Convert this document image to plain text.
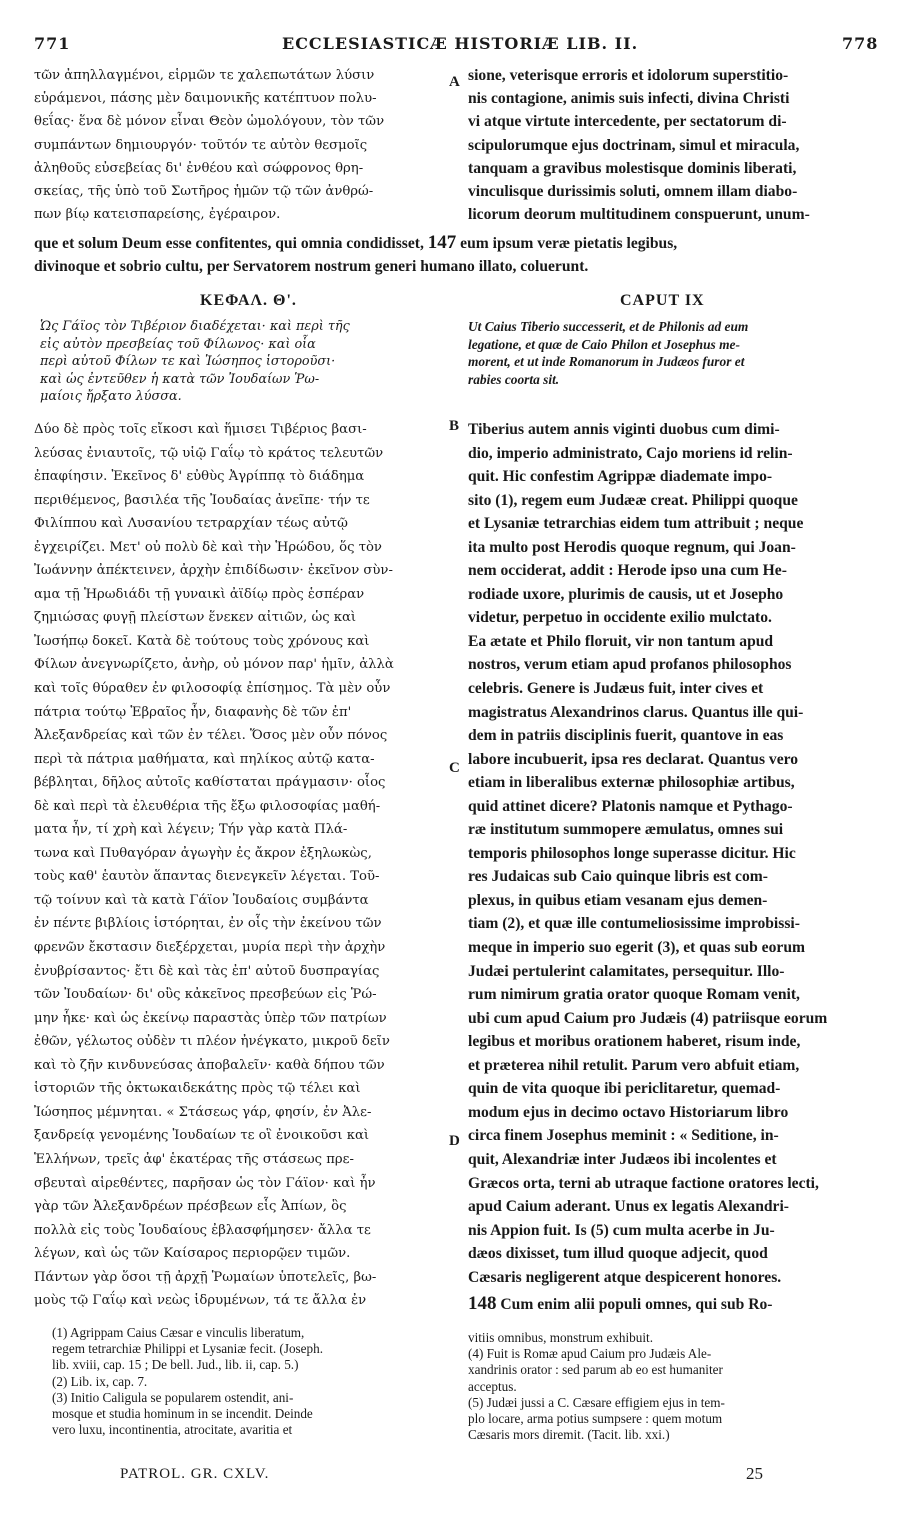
771	ECCLESIASTICÆ HISTORIÆ LIB. II.	778
τῶν ἀπηλλαγμένοι, εἱρμῶν τε χαλεπωτάτων λύσιν
εὑράμενοι, πάσης μὲν δαιμονικῆς κατέπτυον πολυ-
θεΐας· ἕνα δὲ μόνον εἶναι Θεὸν ὡμολόγουν, τὸν τῶν
συμπάντων δημιουργόν· τοῦτόν τε αὐτὸν θεσμοῖς
ἀληθοῦς εὐσεβείας δι' ἐνθέου καὶ σώφρονος θρη-
σκείας, τῆς ὑπὸ τοῦ Σωτῆρος ἡμῶν τῷ τῶν ἀνθρώ-
πων βίῳ κατεισπαρείσης, ἐγέραιρον.
sione, veterisque erroris et idolorum superstitio-
nis contagione, animis suis infecti, divina Christi
vi atque virtute intercedente, per sectatorum di-
scipulorumque ejus doctrinam, simul et miracula,
tanquam a gravibus molestisque dominis liberati,
vinculisque durissimis soluti, omnem illam diabo-
licorum deorum multitudinem conspuerunt, unum-
A
que et solum Deum esse confitentes, qui omnia condidisset, 147 eum ipsum veræ pietatis legibus,
divinoque et sobrio cultu, per Servatorem nostrum generi humano illato, coluerunt.
ΚΕΦΑΛ. Θ'.	CAPUT IX
Ὡς Γάϊος τὸν Τιβέριον διαδέχεται· καὶ περὶ τῆς
εἰς αὐτὸν πρεσβείας τοῦ Φίλωνος· καὶ οἷα
περὶ αὐτοῦ Φίλων τε καὶ Ἰώσηπος ἱστοροῦσι·
καὶ ὡς ἐντεῦθεν ἡ κατὰ τῶν Ἰουδαίων Ῥω-
μαίοις ἤρξατο λύσσα.
Ut Caius Tiberio successerit, et de Philonis ad eum
legatione, et quæ de Caio Philon et Josephus me-
morent, et ut inde Romanorum in Judæos furor et
rabies coorta sit.
B
C
D
Δύο δὲ πρὸς τοῖς εἴκοσι καὶ ἥμισει Τιβέριος βασι-
λεύσας ἐνιαυτοῖς, τῷ υἱῷ Γαΐῳ τὸ κράτος τελευτῶν
ἐπαφίησιν. Ἐκεῖνος δ' εὐθὺς Ἀγρίππᾳ τὸ διάδημα
περιθέμενος, βασιλέα τῆς Ἰουδαίας ἀνεῖπε· τήν τε
Φιλίππου καὶ Λυσανίου τετραρχίαν τέως αὐτῷ
ἐγχειρίζει. Μετ' οὐ πολὺ δὲ καὶ τὴν Ἡρώδου, ὅς τὸν
Ἰωάννην ἀπέκτεινεν, ἀρχὴν ἐπιδίδωσιν· ἐκεῖνον σὺν-
αμα τῇ Ἡρωδιάδι τῇ γυναικὶ ἀϊδίῳ πρὸς ἑσπέραν
ζημιώσας φυγῇ πλείστων ἕνεκεν αἰτιῶν, ὡς καὶ
Ἰωσήπῳ δοκεῖ. Κατὰ δὲ τούτους τοὺς χρόνους καὶ
Φίλων ἀνεγνωρίζετο, ἀνὴρ, οὐ μόνον παρ' ἡμῖν, ἀλλὰ
καὶ τοῖς θύραθεν ἐν φιλοσοφίᾳ ἐπίσημος. Τὰ μὲν οὖν
πάτρια τούτῳ Ἑβραῖος ἦν, διαφανὴς δὲ τῶν ἐπ'
Ἀλεξανδρείας καὶ τῶν ἐν τέλει. Ὅσος μὲν οὖν πόνος
περὶ τὰ πάτρια μαθήματα, καὶ πηλίκος αὐτῷ κατα-
βέβληται, δῆλος αὐτοῖς καθίσταται πράγμασιν· οἷος
δὲ καὶ περὶ τὰ ἐλευθέρια τῆς ἔξω φιλοσοφίας μαθή-
ματα ἦν, τί χρὴ καὶ λέγειν; Τήν γὰρ κατὰ Πλά-
τωνα καὶ Πυθαγόραν ἀγωγὴν ἐς ἄκρον ἐξηλωκὼς,
τοὺς καθ' ἑαυτὸν ἅπαντας διενεγκεῖν λέγεται. Τοῦ-
τῷ τοίνυν καὶ τὰ κατὰ Γάϊον Ἰουδαίοις συμβάντα
ἐν πέντε βιβλίοις ἱστόρηται, ἐν οἷς τὴν ἐκείνου τῶν
φρενῶν ἔκστασιν διεξέρχεται, μυρία περὶ τὴν ἀρχὴν
ἐνυβρίσαντος· ἔτι δὲ καὶ τὰς ἐπ' αὐτοῦ δυσπραγίας
τῶν Ἰουδαίων· δι' οὓς κἀκεῖνος πρεσβεύων εἰς Ῥώ-
μην ἧκε· καὶ ὡς ἐκείνῳ παραστὰς ὑπὲρ τῶν πατρίων
ἐθῶν, γέλωτος οὐδὲν τι πλέον ἠνέγκατο, μικροῦ δεῖν
καὶ τὸ ζῆν κινδυνεύσας ἀποβαλεῖν· καθὰ δήπου τῶν
ἱστοριῶν τῆς ὀκτωκαιδεκάτης πρὸς τῷ τέλει καὶ
Ἰώσηπος μέμνηται. « Στάσεως γάρ, φησίν, ἐν Ἀλε-
ξανδρείᾳ γενομένης Ἰουδαίων τε οἳ ἐνοικοῦσι καὶ
Ἑλλήνων, τρεῖς ἀφ' ἑκατέρας τῆς στάσεως πρε-
σβευταὶ αἱρεθέντες, παρῆσαν ὡς τὸν Γάϊον· καὶ ἦν
γὰρ τῶν Ἀλεξανδρέων πρέσβεων εἷς Ἀπίων, ὃς
πολλὰ εἰς τοὺς Ἰουδαίους ἐβλασφήμησεν· ἄλλα τε
λέγων, καὶ ὡς τῶν Καίσαρος περιορῷεν τιμῶν.
Πάντων γὰρ ὅσοι τῇ ἀρχῇ Ῥωμαίων ὑποτελεῖς, βω-
μοὺς τῷ Γαΐῳ καὶ νεὼς ἱδρυμένων, τά τε ἄλλα ἐν
Tiberius autem annis viginti duobus cum dimi-
dio, imperio administrato, Cajo moriens id relin-
quit. Hic confestim Agrippæ diademate impo-
sito (1), regem eum Judææ creat. Philippi quoque
et Lysaniæ tetrarchias eidem tum attribuit ; neque
ita multo post Herodis quoque regnum, qui Joan-
nem occiderat, addit : Herode ipso una cum He-
rodiade uxore, plurimis de causis, ut et Josepho
videtur, perpetuo in occidente exilio mulctato.
Ea ætate et Philo floruit, vir non tantum apud
nostros, verum etiam apud profanos philosophos
celebris. Genere is Judæus fuit, inter cives et
magistratus Alexandrinos clarus. Quantus ille qui-
dem in patriis disciplinis fuerit, quantove in eas
labore incubuerit, ipsa res declarat. Quantus vero
etiam in liberalibus externæ philosophiæ artibus,
quid attinet dicere? Platonis namque et Pythago-
ræ institutum summopere æmulatus, omnes sui
temporis philosophos longe superasse dicitur. Hic
res Judaicas sub Caio quinque libris est com-
plexus, in quibus etiam vesanam ejus demen-
tiam (2), et quæ ille contumeliosissime improbissi-
meque in imperio suo egerit (3), et quas sub eorum
Judæi pertulerint calamitates, persequitur. Illo-
rum nimirum gratia orator quoque Romam venit,
ubi cum apud Caium pro Judæis (4) patriisque eorum
legibus et moribus orationem haberet, risum inde,
et præterea nihil retulit. Parum vero abfuit etiam,
quin de vita quoque ibi periclitaretur, quemad-
modum ejus in decimo octavo Historiarum libro
circa finem Josephus meminit : « Seditione, in-
quit, Alexandriæ inter Judæos ibi incolentes et
Græcos orta, terni ab utraque factione oratores lecti,
apud Caium aderant. Unus ex legatis Alexandri-
nis Appion fuit. Is (5) cum multa acerbe in Ju-
dæos dixisset, tum illud quoque adjecit, quod
Cæsaris negligerent atque despicerent honores.
148 Cum enim alii populi omnes, qui sub Ro-
(1) Agrippam Caius Cæsar e vinculis liberatum,
regem tetrarchiæ Philippi et Lysaniæ fecit. (Joseph.
lib. xviii, cap. 15 ; De bell. Jud., lib. ii, cap. 5.)
(2) Lib. ix, cap. 7.
(3) Initio Caligula se popularem ostendit, ani-
mosque et studia hominum in se incendit. Deinde
vero luxu, incontinentia, atrocitate, avaritia et
vitiis omnibus, monstrum exhibuit.
(4) Fuit is Romæ apud Caium pro Judæis Ale-
xandrinis orator : sed parum ab eo est humaniter
acceptus.
(5) Judæi jussi a C. Cæsare effigiem ejus in tem-
plo locare, arma potius sumpsere : quem motum
Cæsaris mors diremit. (Tacit. lib. xxi.)
PATROL. GR. CXLV.	25
